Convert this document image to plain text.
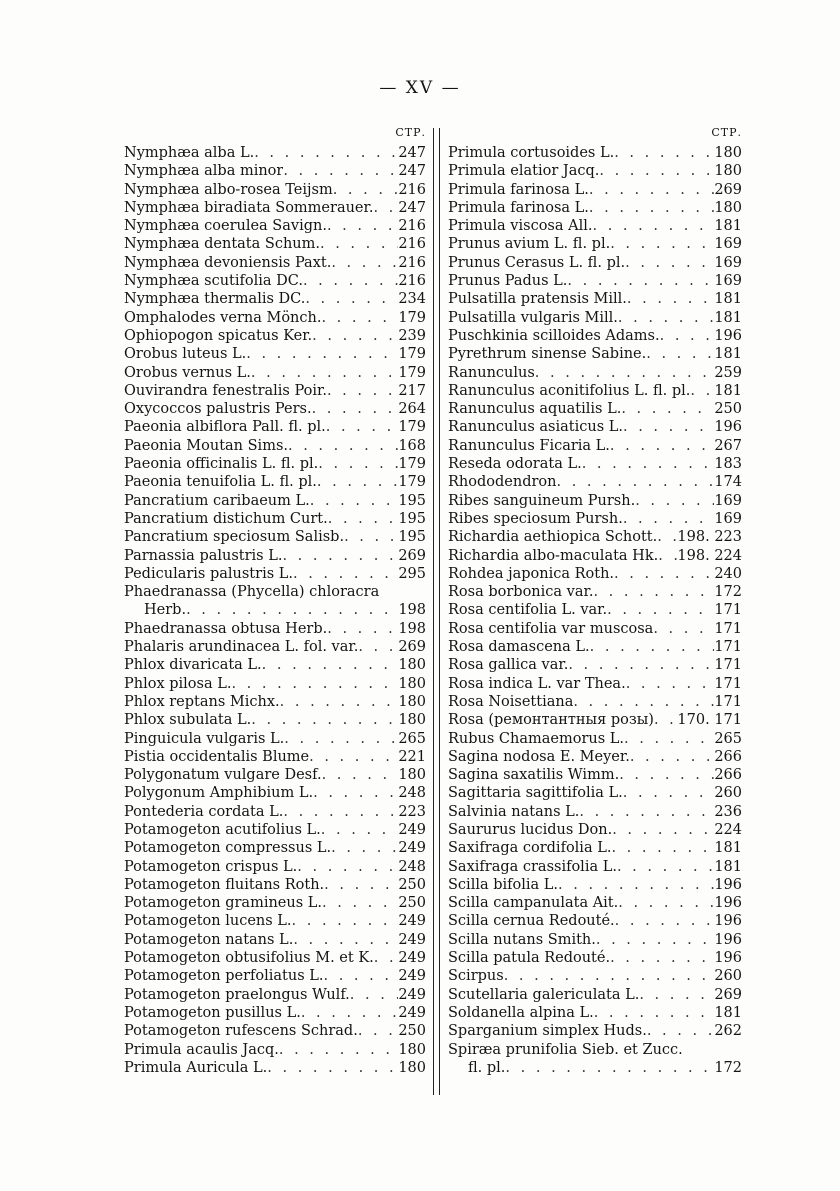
— XV —
СТР.
Nymphæa alba L. . . .	247
Nymphæa alba minor . . .	247
Nymphæa albo-rosea Teijsm . . .	216
Nymphæa biradiata Sommerauer. . . . 247
Nymphæa coerulea Savign. . . .	216
Nymphæa dentata Schum. . . .	216
Nymphæa devoniensis Paxt. . . .	216
Nymphæa scutifolia DC. . . .	216
Nymphæa thermalis DC. . . .	234
Omphalodes verna Mönch. . . .	179
Ophiopogon spicatus Ker. . . .	239
Orobus luteus L. . . .	179
Orobus vernus L. . . .	179
Ouvirandra fenestralis Poir. . . .	217
Oxycoccos palustris Pers. . . .	264
Paeonia albiflora Pall. fl. pl. . . .	179
Paeonia Moutan Sims. . . .	168
Paeonia officinalis L. fl. pl. . . .	179
Paeonia tenuifolia L. fl. pl. . . .	179
Pancratium caribaeum L. . . .	195
Pancratium distichum Curt. . . .	195
Pancratium speciosum Salisb. . . .	195
Parnassia palustris L. . . .	269
Pedicularis palustris L. . . .	295
Phaedranassa (Phycella) chloracra
Herb. . . .	198
Phaedranassa obtusa Herb. . . .	198
Phalaris arundinacea L. fol. var. . . .	269
Phlox divaricata L. . . .	180
Phlox pilosa L. . . .	180
Phlox reptans Michx. . . .	180
Phlox subulata L. . . .	180
Pinguicula vulgaris L. . . .	265
Pistia occidentalis Blume . . .	221
Polygonatum vulgare Desf. . . .	180
Polygonum Amphibium L. . . .	248
Pontederia cordata L. . . .	223
Potamogeton acutifolius L. . . .	249
Potamogeton compressus L. . . .	249
Potamogeton crispus L. . . .	248
Potamogeton fluitans Roth. . . .	250
Potamogeton gramineus L. . . .	250
Potamogeton lucens L. . . .	249
Potamogeton natans L. . . .	249
Potamogeton obtusifolius M. et K. . . . 249
Potamogeton perfoliatus L. . . .	249
Potamogeton praelongus Wulf. . . .	249
Potamogeton pusillus L. . . .	249
Potamogeton rufescens Schrad. . . .	250
Primula acaulis Jacq. . . .	180
Primula Auricula L. . . .	180
СТР.
Primula cortusoides L. . . .	180
Primula elatior Jacq. . . .	180
Primula farinosa L. . . .	269
Primula farinosa L. . . .	180
Primula viscosa All. . . .	181
Prunus avium L. fl. pl. . . .	169
Prunus Cerasus L. fl. pl. . . .	169
Prunus Padus L. . . .	169
Pulsatilla pratensis Mill. . . .	181
Pulsatilla vulgaris Mill. . . .	181
Puschkinia scilloides Adams. . . .	196
Pyrethrum sinense Sabine. . . .	181
Ranunculus . . .	259
Ranunculus aconitifolius L. fl. pl. . . . 181
Ranunculus aquatilis L. . . .	250
Ranunculus asiaticus L. . . .	196
Ranunculus Ficaria L. . . .	267
Reseda odorata L. . . .	183
Rhododendron . . .	174
Ribes sanguineum Pursh. . . .	169
Ribes speciosum Pursh. . . .	169
Richardia aethiopica Schott. . . . 198. 223
Richardia albo-maculata Hk. . . . 198. 224
Rohdea japonica Roth. . . .	240
Rosa borbonica var. . . .	172
Rosa centifolia L. var. . . .	171
Rosa centifolia var muscosa . . .	171
Rosa damascena L. . . .	171
Rosa gallica var. . . .	171
Rosa indica L. var Thea. . . .	171
Rosa Noisettiana . . .	171
Rosa (ремонтантныя розы) . . . 170. 171
Rubus Chamaemorus L. . . .	265
Sagina nodosa E. Meyer. . . .	266
Sagina saxatilis Wimm. . . .	266
Sagittaria sagittifolia L. . . .	260
Salvinia natans L. . . .	236
Saururus lucidus Don. . . .	224
Saxifraga cordifolia L. . . .	181
Saxifraga crassifolia L. . . .	181
Scilla bifolia L. . . .	196
Scilla campanulata Ait. . . .	196
Scilla cernua Redouté. . . .	196
Scilla nutans Smith. . . .	196
Scilla patula Redouté. . . .	196
Scirpus . . .	260
Scutellaria galericulata L. . . .	269
Soldanella alpina L. . . .	181
Sparganium simplex Huds. . . .	262
Spiræa prunifolia Sieb. et Zucc.
fl. pl. . . .	172
